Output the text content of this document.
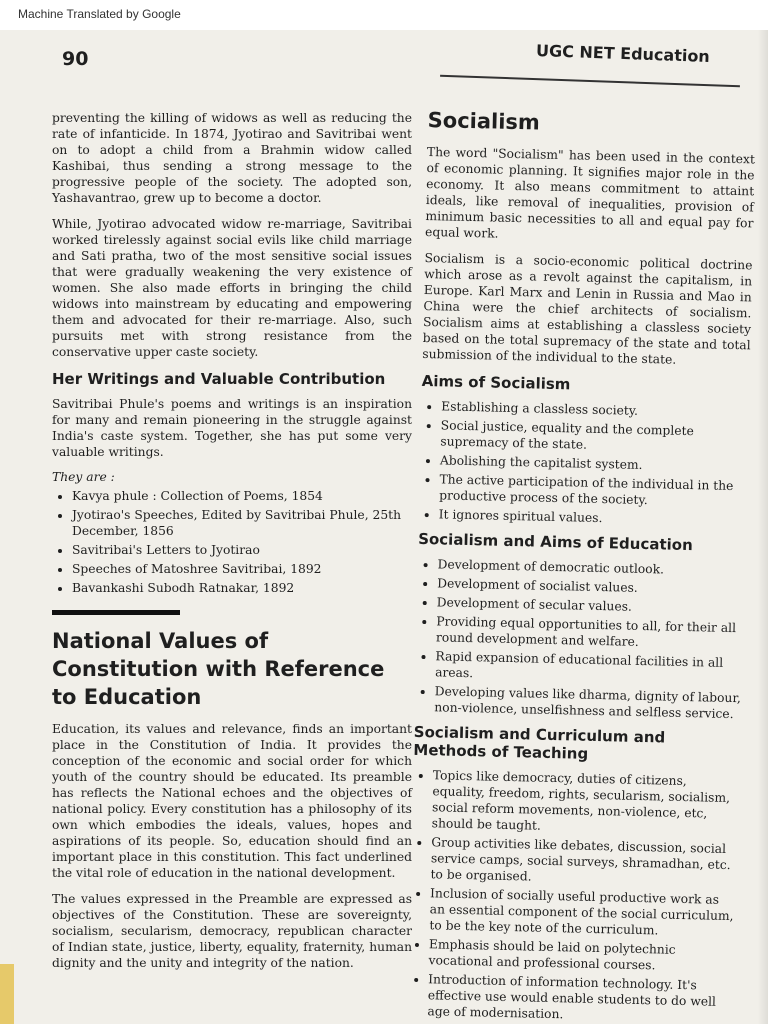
Machine Translated by Google
90	UGC NET Education

preventing the killing of widows as well as reducing the rate of infanticide. In 1874, Jyotirao and Savitribai went on to adopt a child from a Brahmin widow called Kashibai, thus sending a strong message to the progressive people of the society. The adopted son, Yashavantrao, grew up to become a doctor.

While, Jyotirao advocated widow re-marriage, Savitribai worked tirelessly against social evils like child marriage and Sati pratha, two of the most sensitive social issues that were gradually weakening the very existence of women. She also made efforts in bringing the child widows into mainstream by educating and empowering them and advocated for their re-marriage. Also, such pursuits met with strong resistance from the conservative upper caste society.

Her Writings and Valuable Contribution

Savitribai Phule's poems and writings is an inspiration for many and remain pioneering in the struggle against India's caste system. Together, she has put some very valuable writings.

They are :
• Kavya phule : Collection of Poems, 1854
• Jyotirao's Speeches, Edited by Savitribai Phule, 25th December, 1856
• Savitribai's Letters to Jyotirao
• Speeches of Matoshree Savitribai, 1892
• Bavankashi Subodh Ratnakar, 1892
National Values of Constitution with Reference to Education

Education, its values and relevance, finds an important place in the Constitution of India. It provides the conception of the economic and social order for which youth of the country should be educated. Its preamble has reflects the National echoes and the objectives of national policy. Every constitution has a philosophy of its own which embodies the ideals, values, hopes and aspirations of its people. So, education should find an important place in this constitution. This fact underlined the vital role of education in the national development.

The values expressed in the Preamble are expressed as objectives of the Constitution. These are sovereignty, socialism, secularism, democracy, republican character of Indian state, justice, liberty, equality, fraternity, human dignity and the unity and integrity of the nation.

Socialism

The word "Socialism" has been used in the context of economic planning. It signifies major role in the economy. It also means commitment to attaint ideals, like removal of inequalities, provision of minimum basic necessities to all and equal pay for equal work.

Socialism is a socio-economic political doctrine which arose as a revolt against the capitalism, in Europe. Karl Marx and Lenin in Russia and Mao in China were the chief architects of socialism. Socialism aims at establishing a classless society based on the total supremacy of the state and total submission of the individual to the state.

Aims of Socialism
• Establishing a classless society.
• Social justice, equality and the complete supremacy of the state.
• Abolishing the capitalist system.
• The active participation of the individual in the productive process of the society.
• It ignores spiritual values.
Socialism and Aims of Education
• Development of democratic outlook.
• Development of socialist values.
• Development of secular values.
• Providing equal opportunities to all, for their all round development and welfare.
• Rapid expansion of educational facilities in all areas.
• Developing values like dharma, dignity of labour, non-violence, unselfishness and selfless service.
Socialism and Curriculum and Methods of Teaching
• Topics like democracy, duties of citizens, equality, freedom, rights, secularism, socialism, social reform movements, non-violence, etc, should be taught.
• Group activities like debates, discussion, social service camps, social surveys, shramadhan, etc. to be organised.
• Inclusion of socially useful productive work as an essential component of the social curriculum, to be the key note of the curriculum.
• Emphasis should be laid on polytechnic vocational and professional courses.
• Introduction of information technology. It's effective use would enable students to do well age of modernisation.
